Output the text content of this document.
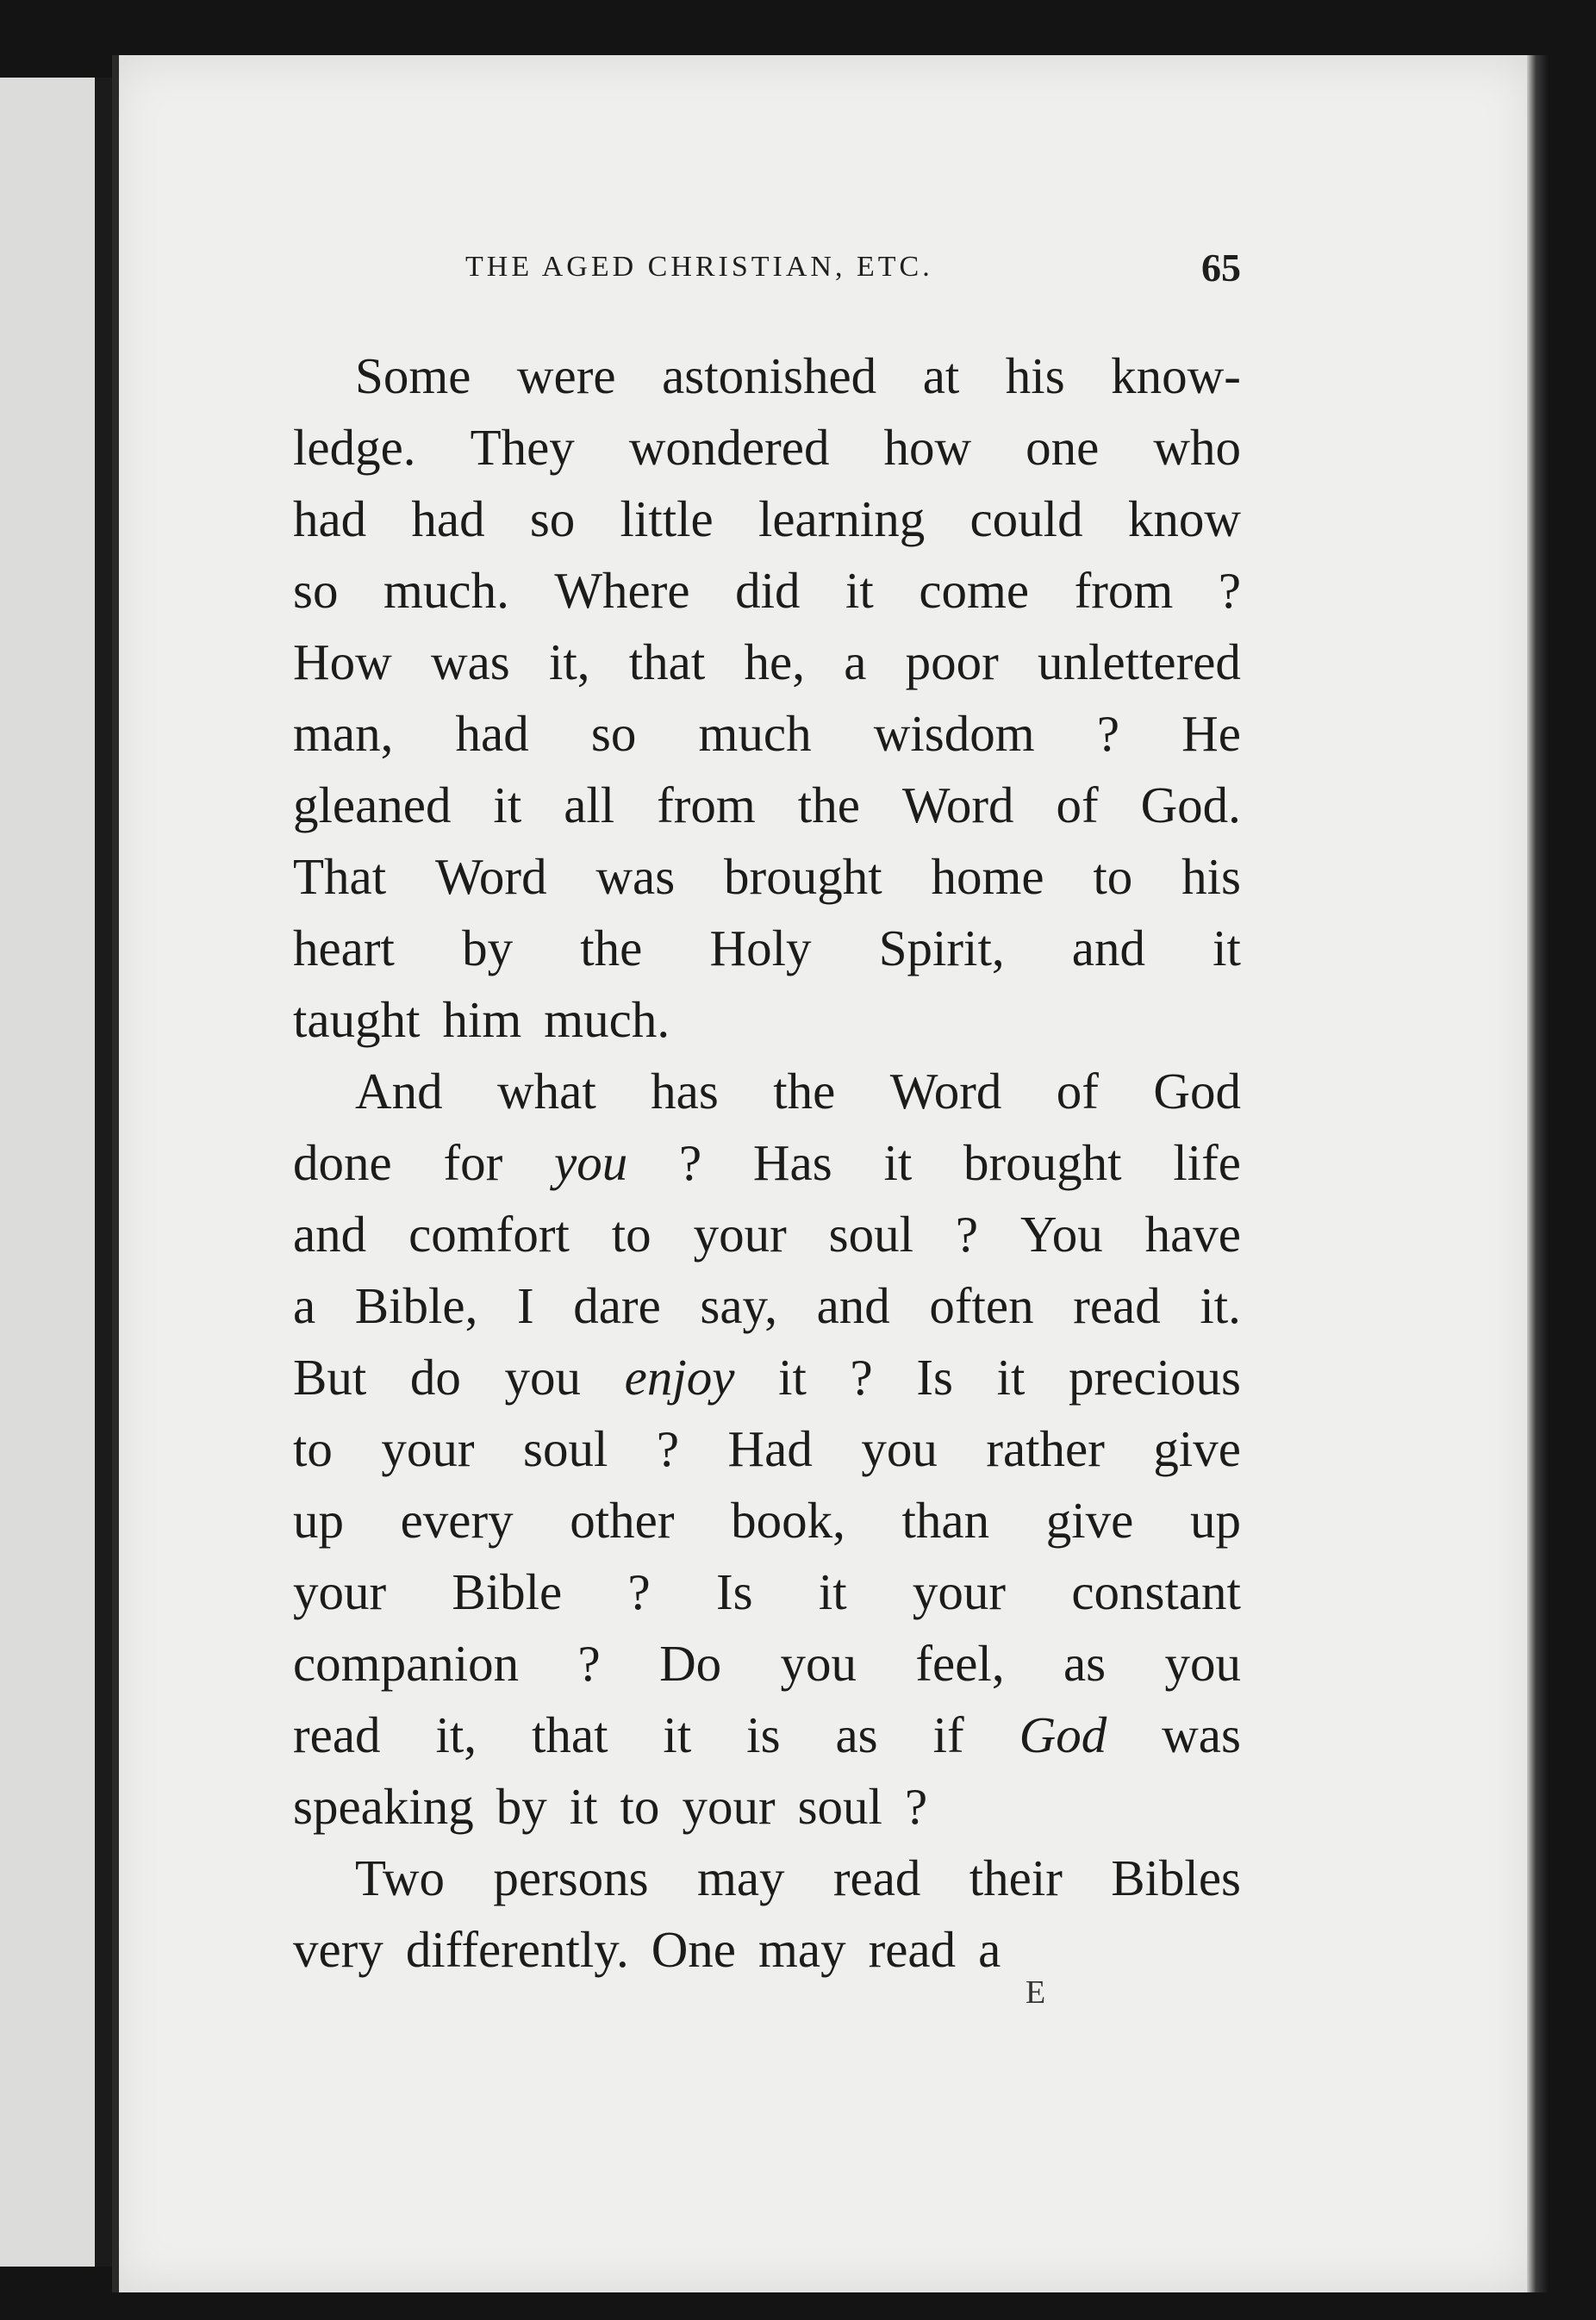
THE AGED CHRISTIAN, ETC.	65
Some were astonished at his know-
ledge. They wondered how one who
had had so little learning could know
so much. Where did it come from ?
How was it, that he, a poor unlettered
man, had so much wisdom ? He
gleaned it all from the Word of God.
That Word was brought home to his
heart by the Holy Spirit, and it
taught him much.
And what has the Word of God
done for you ? Has it brought life
and comfort to your soul ? You have
a Bible, I dare say, and often read it.
But do you enjoy it ? Is it precious
to your soul ? Had you rather give
up every other book, than give up
your Bible ? Is it your constant
companion ? Do you feel, as you
read it, that it is as if God was
speaking by it to your soul ?
Two persons may read their Bibles
very differently. One may read a
E
